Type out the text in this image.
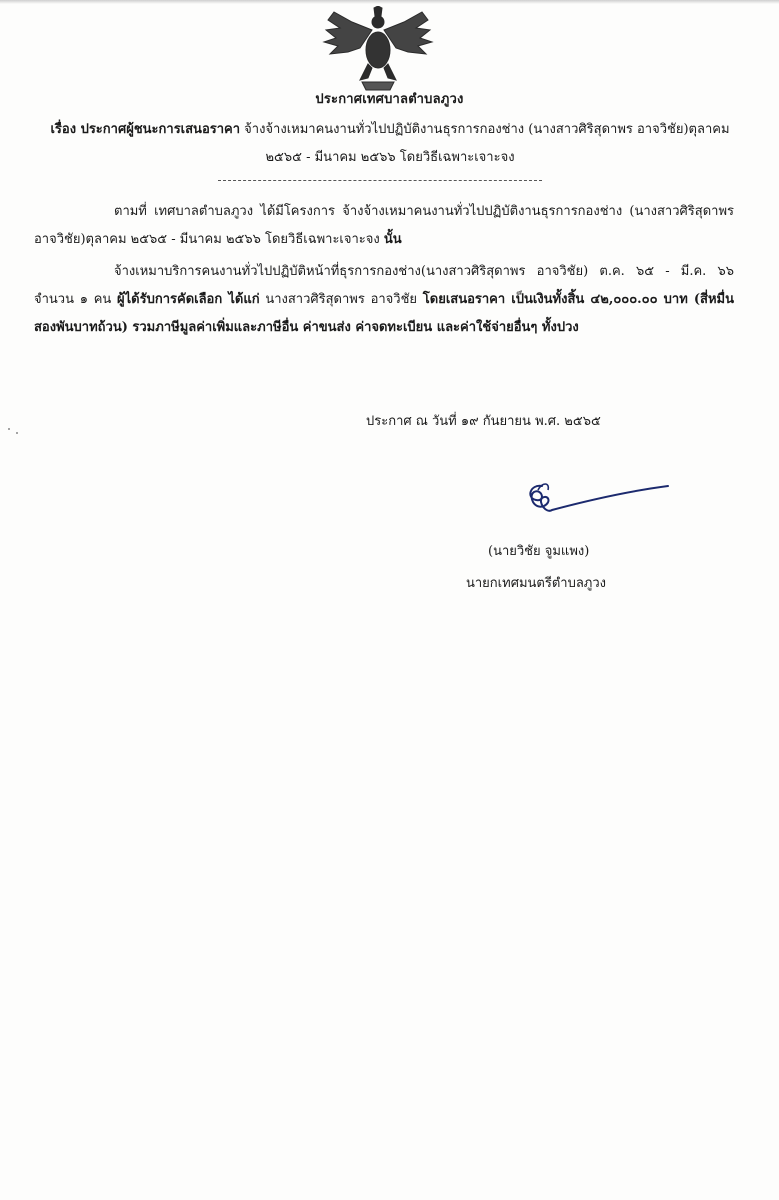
ประกาศเทศบาลตำบลภูวง
เรื่อง ประกาศผู้ชนะการเสนอราคา จ้างจ้างเหมาคนงานทั่วไปปฏิบัติงานธุรการกองช่าง (นางสาวศิริสุดาพร อาจวิชัย)ตุลาคม ๒๕๖๕ - มีนาคม ๒๕๖๖ โดยวิธีเฉพาะเจาะจง
ตามที่ เทศบาลตำบลภูวง ได้มีโครงการ จ้างจ้างเหมาคนงานทั่วไปปฏิบัติงานธุรการกองช่าง (นางสาวศิริสุดาพร อาจวิชัย)ตุลาคม ๒๕๖๕ - มีนาคม ๒๕๖๖ โดยวิธีเฉพาะเจาะจง นั้น
จ้างเหมาบริการคนงานทั่วไปปฏิบัติหน้าที่ธุรการกองช่าง(นางสาวศิริสุดาพร อาจวิชัย) ต.ค. ๖๕ - มี.ค. ๖๖ จำนวน ๑ คน ผู้ได้รับการคัดเลือก ได้แก่ นางสาวศิริสุดาพร อาจวิชัย โดยเสนอราคา เป็นเงินทั้งสิ้น ๔๒,๐๐๐.๐๐ บาท (สี่หมื่นสองพันบาทถ้วน) รวมภาษีมูลค่าเพิ่มและภาษีอื่น ค่าขนส่ง ค่าจดทะเบียน และค่าใช้จ่ายอื่นๆ ทั้งปวง
ประกาศ ณ วันที่ ๑๙ กันยายน พ.ศ. ๒๕๖๕
(นายวิชัย จูมแพง)
นายกเทศมนตรีตำบลภูวง
